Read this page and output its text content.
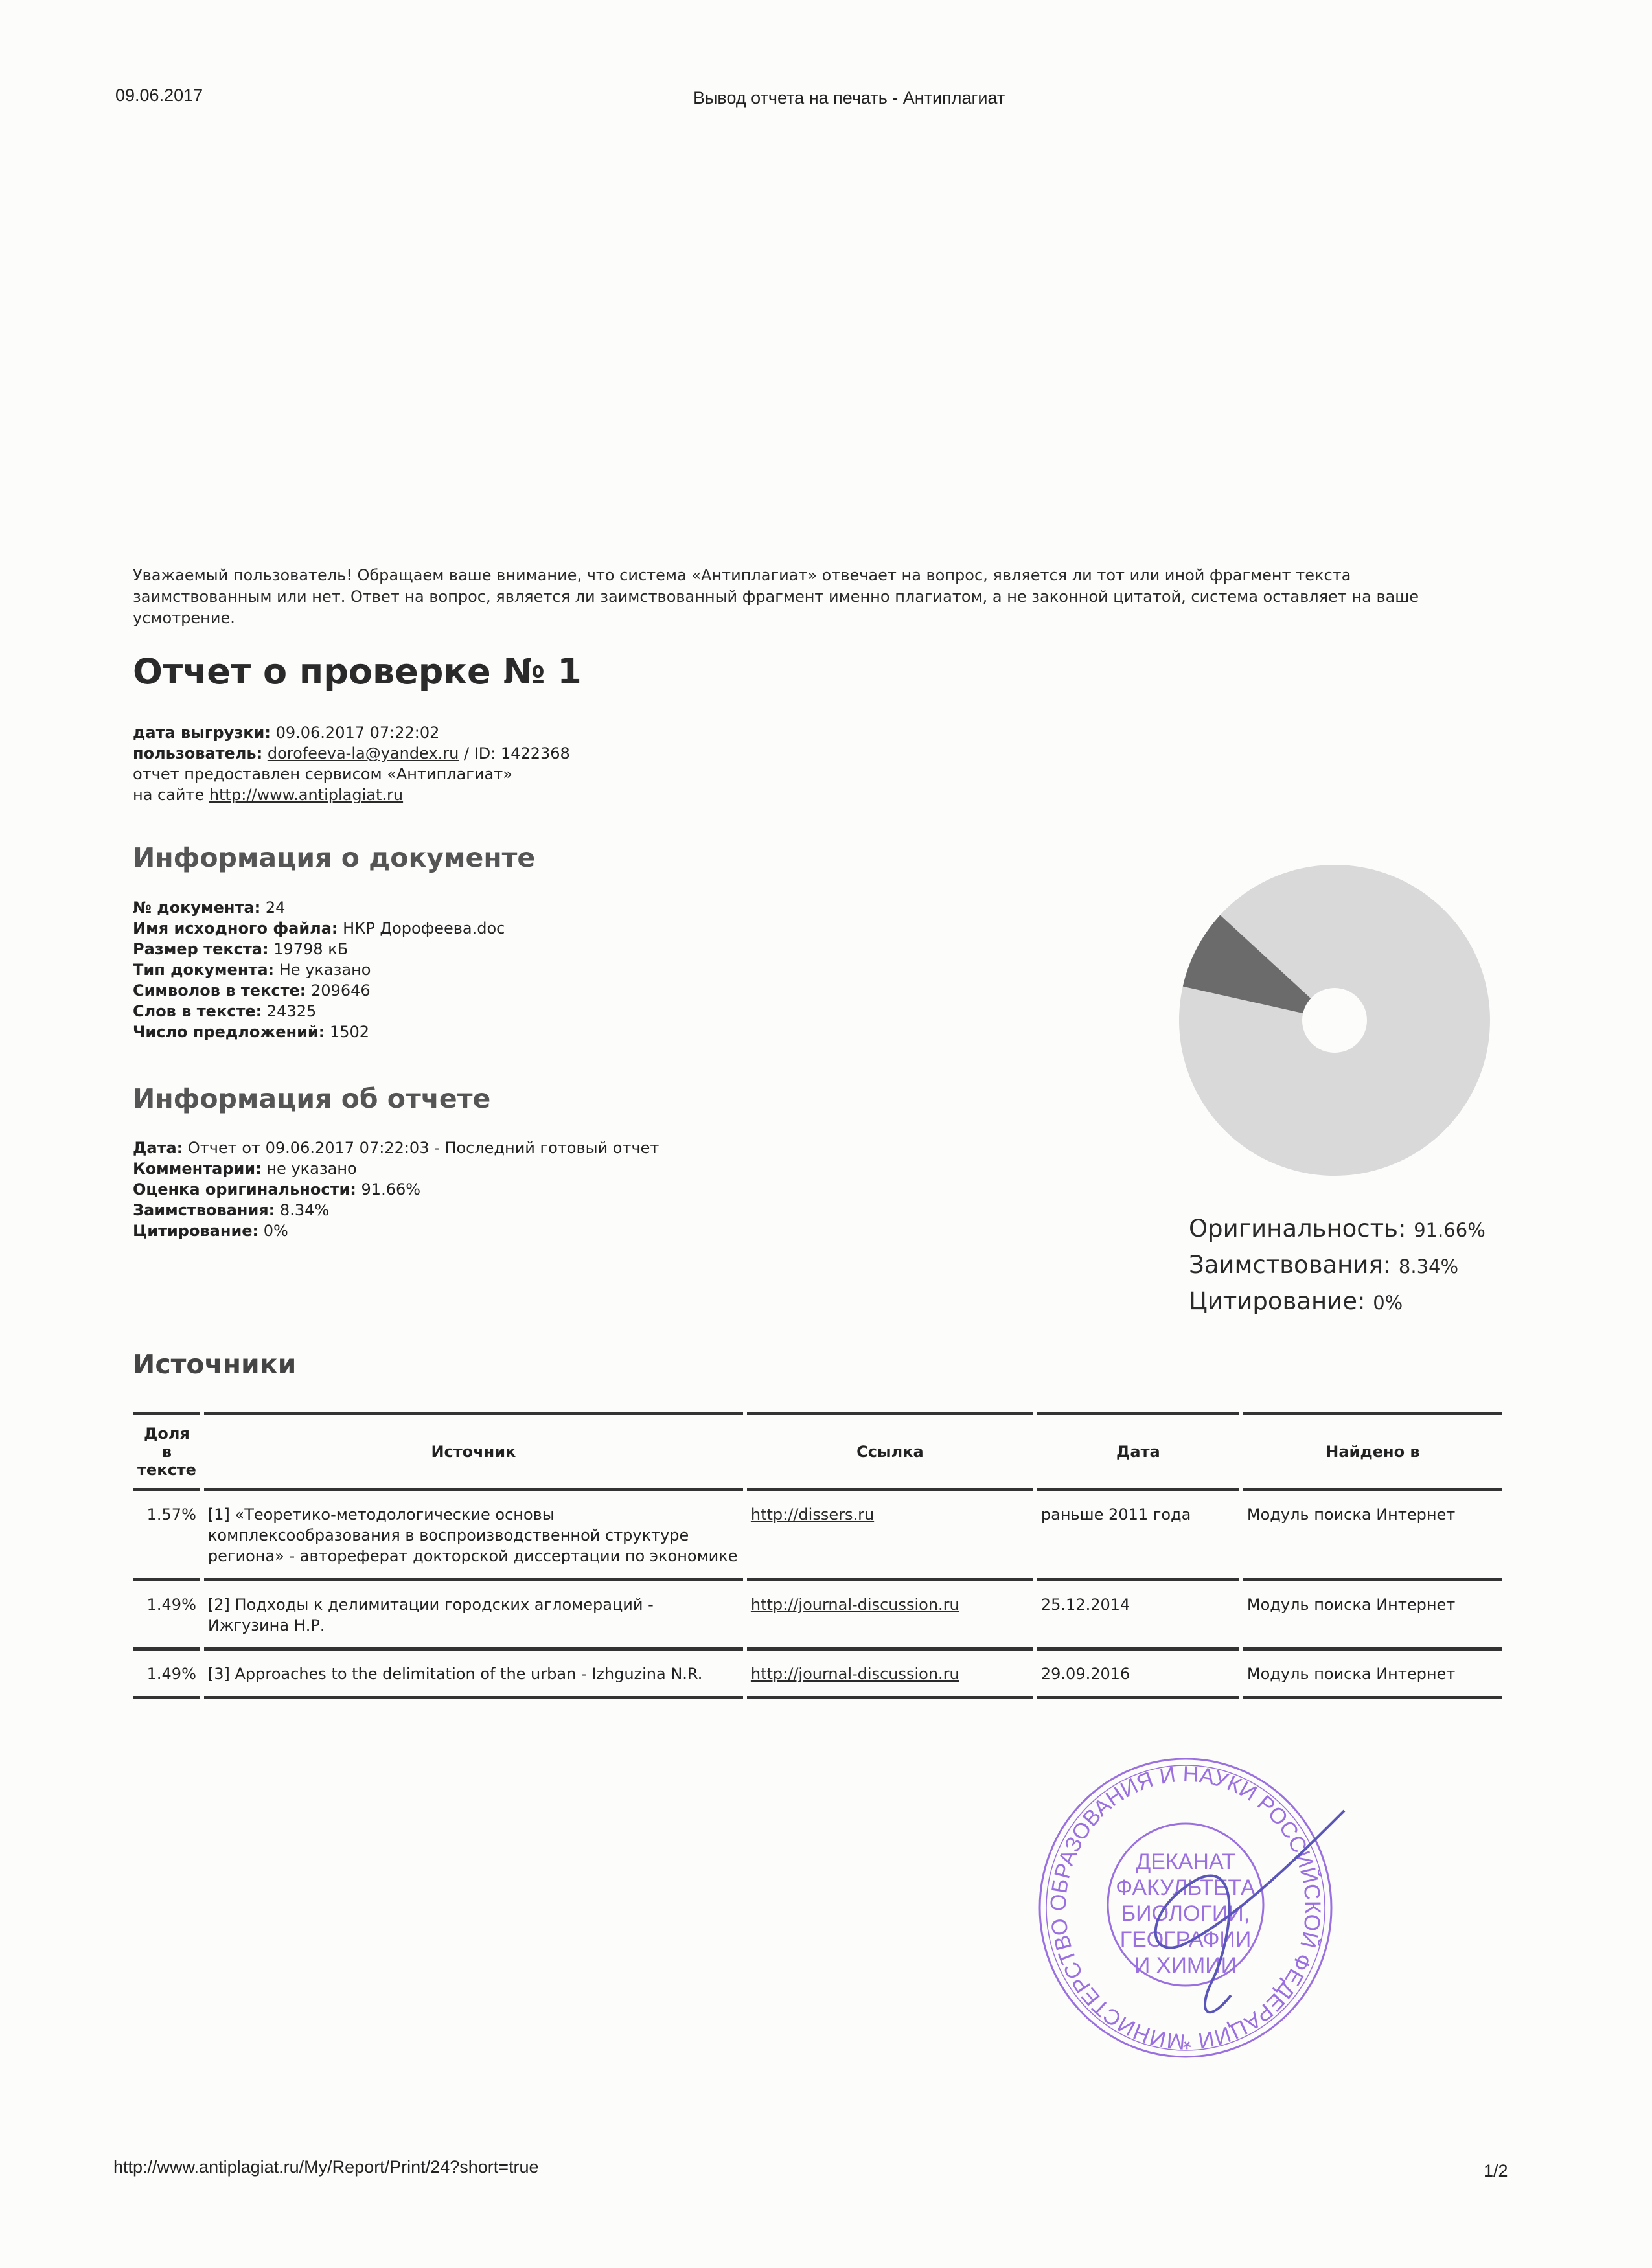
09.06.2017	Вывод отчета на печать - Антиплагиат
Уважаемый пользователь! Обращаем ваше внимание, что система «Антиплагиат» отвечает на вопрос, является ли тот или иной фрагмент текста заимствованным или нет. Ответ на вопрос, является ли заимствованный фрагмент именно плагиатом, а не законной цитатой, система оставляет на ваше усмотрение.
Отчет о проверке № 1
дата выгрузки: 09.06.2017 07:22:02
пользователь: dorofeeva-la@yandex.ru / ID: 1422368
отчет предоставлен сервисом «Антиплагиат»
на сайте http://www.antiplagiat.ru
Информация о документе
№ документа: 24
Имя исходного файла: НКР Дорофеева.doc
Размер текста: 19798 кБ
Тип документа: Не указано
Символов в тексте: 209646
Слов в тексте: 24325
Число предложений: 1502
Информация об отчете
Дата: Отчет от 09.06.2017 07:22:03 - Последний готовый отчет
Комментарии: не указано
Оценка оригинальности: 91.66%
Заимствования: 8.34%
Цитирование: 0%	Оригинальность: 91.66%
Заимствования: 8.34%
Цитирование: 0%
Источники
Доля в тексте	Источник	Ссылка	Дата	Найдено в
1.57%	[1] «Теоретико-методологические основы комплексообразования в воспроизводственной структуре региона» - автореферат докторской диссертации по экономике	http://dissers.ru	раньше 2011 года	Модуль поиска Интернет
1.49%	[2] Подходы к делимитации городских агломераций - Ижгузина Н.Р.	http://journal-discussion.ru	25.12.2014	Модуль поиска Интернет
1.49%	[3] Approaches to the delimitation of the urban - Izhguzina N.R.	http://journal-discussion.ru	29.09.2016	Модуль поиска Интернет
МИНИСТЕРСТВО ОБРАЗОВАНИЯ И НАУКИ РОССИЙСКОЙ ФЕДЕРАЦИИ *
ДЕКАНАТ
ФАКУЛЬТЕТА
БИОЛОГИИ,
ГЕОГРАФИИ
И ХИМИИ
http://www.antiplagiat.ru/My/Report/Print/24?short=true	1/2
